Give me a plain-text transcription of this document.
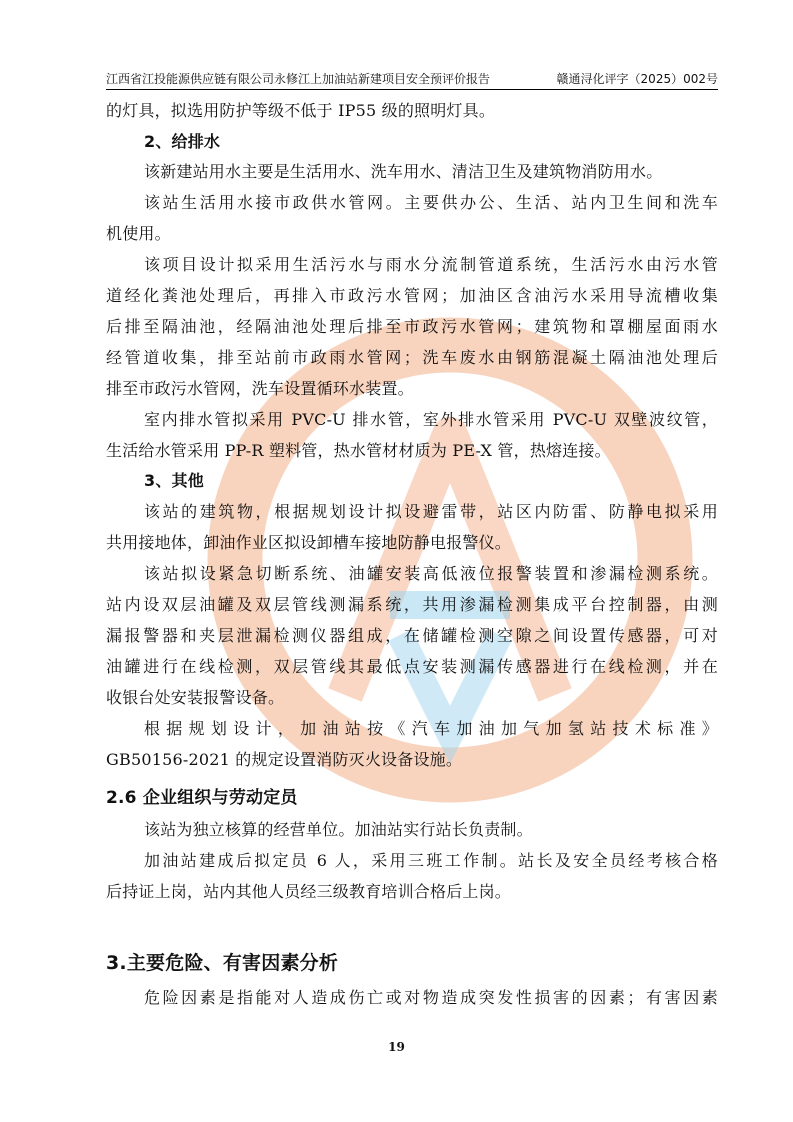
江西省江投能源供应链有限公司永修江上加油站新建项目安全预评价报告	赣通浔化评字（2025）002号
的灯具，拟选用防护等级不低于 IP55 级的照明灯具。
2、给排水
该新建站用水主要是生活用水、洗车用水、清洁卫生及建筑物消防用水。
该站生活用水接市政供水管网。主要供办公、生活、站内卫生间和洗车
机使用。
该项目设计拟采用生活污水与雨水分流制管道系统，生活污水由污水管
道经化粪池处理后，再排入市政污水管网；加油区含油污水采用导流槽收集
后排至隔油池，经隔油池处理后排至市政污水管网；建筑物和罩棚屋面雨水
经管道收集，排至站前市政雨水管网；洗车废水由钢筋混凝土隔油池处理后
排至市政污水管网，洗车设置循环水装置。
室内排水管拟采用 PVC-U 排水管，室外排水管采用 PVC-U 双壁波纹管，
生活给水管采用 PP-R 塑料管，热水管材材质为 PE-X 管，热熔连接。
3、其他
该站的建筑物，根据规划设计拟设避雷带，站区内防雷、防静电拟采用
共用接地体，卸油作业区拟设卸槽车接地防静电报警仪。
该站拟设紧急切断系统、油罐安装高低液位报警装置和渗漏检测系统。
站内设双层油罐及双层管线测漏系统，共用渗漏检测集成平台控制器，由测
漏报警器和夹层泄漏检测仪器组成，在储罐检测空隙之间设置传感器，可对
油罐进行在线检测，双层管线其最低点安装测漏传感器进行在线检测，并在
收银台处安装报警设备。
根据规划设计，加油站按《汽车加油加气加氢站技术标准》
GB50156-2021 的规定设置消防灭火设备设施。
2.6 企业组织与劳动定员
该站为独立核算的经营单位。加油站实行站长负责制。
加油站建成后拟定员 6 人，采用三班工作制。站长及安全员经考核合格
后持证上岗，站内其他人员经三级教育培训合格后上岗。
3.主要危险、有害因素分析
危险因素是指能对人造成伤亡或对物造成突发性损害的因素；有害因素
19
